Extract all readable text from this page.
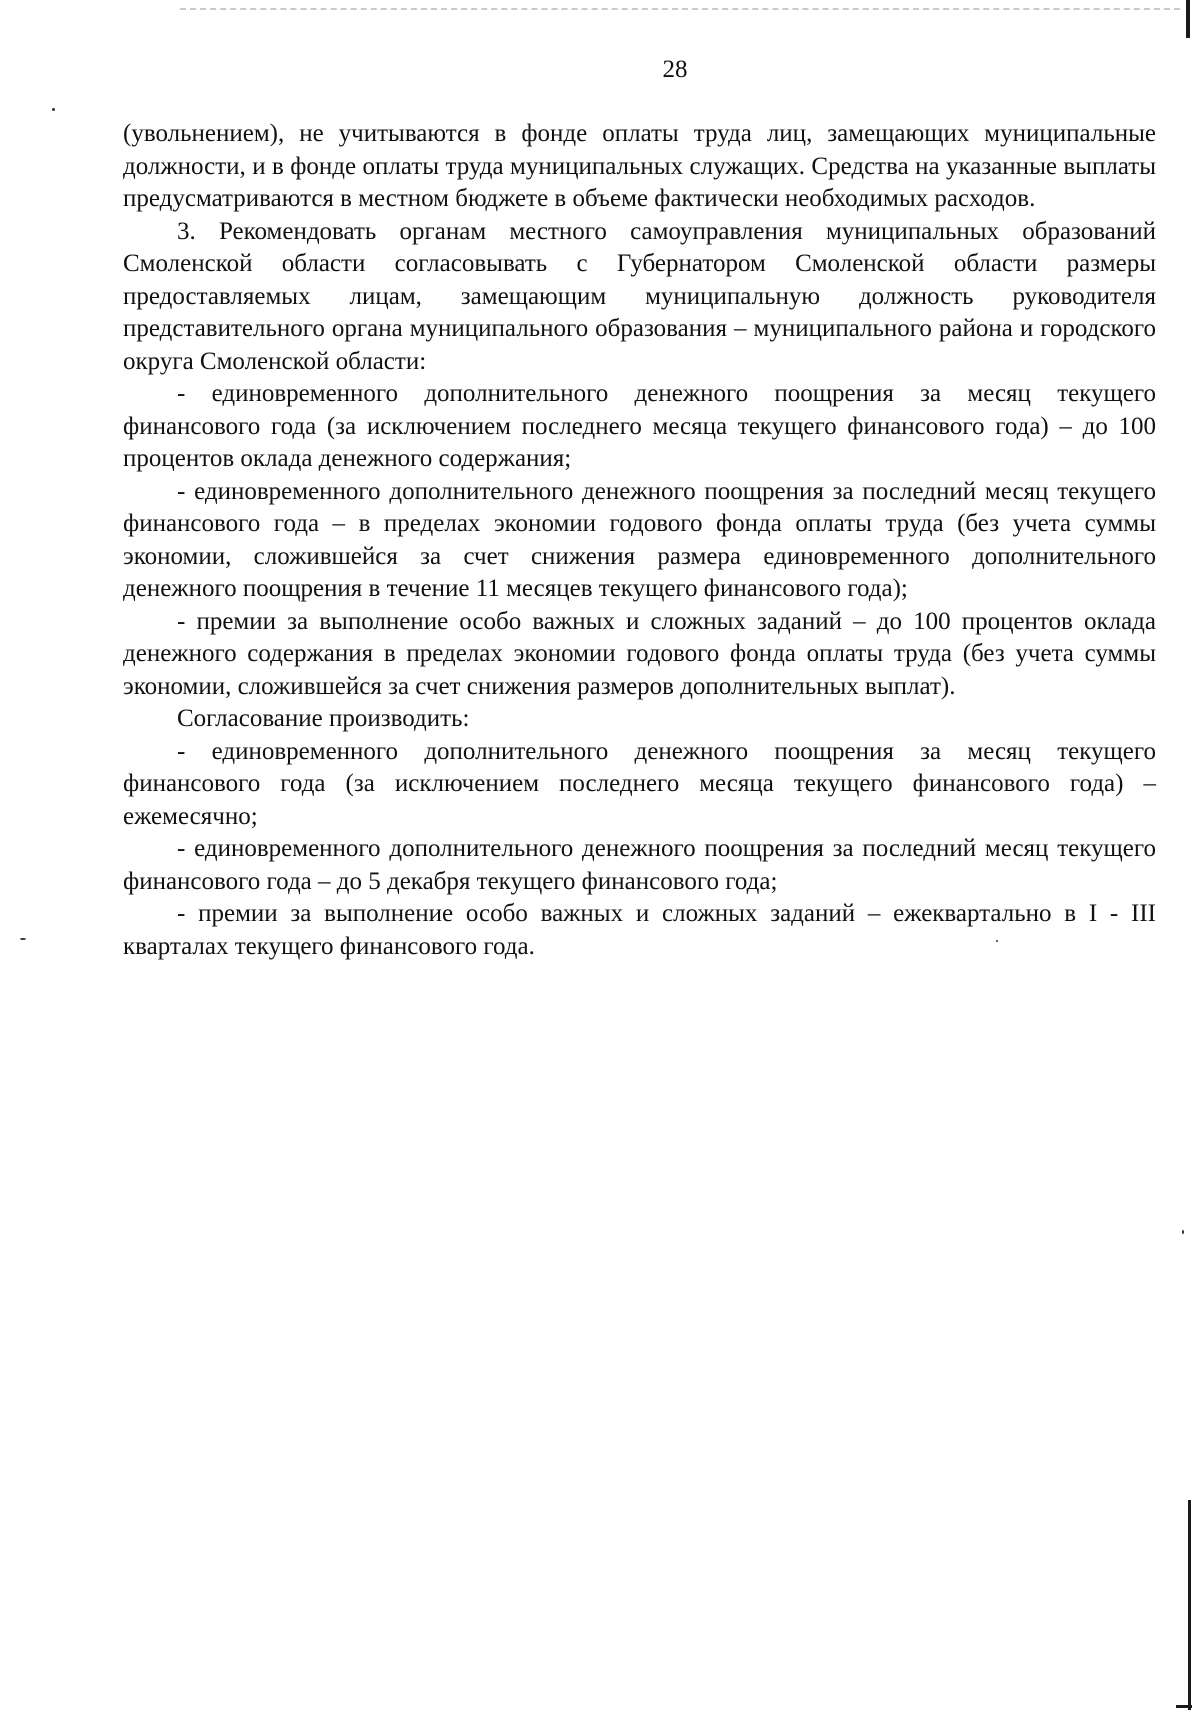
28

(увольнением), не учитываются в фонде оплаты труда лиц, замещающих муниципальные должности, и в фонде оплаты труда муниципальных служащих. Средства на указанные выплаты предусматриваются в местном бюджете в объеме фактически необходимых расходов.

3. Рекомендовать органам местного самоуправления муниципальных образований Смоленской области согласовывать с Губернатором Смоленской области размеры предоставляемых лицам, замещающим муниципальную должность руководителя представительного органа муниципального образования – муниципального района и городского округа Смоленской области:

- единовременного дополнительного денежного поощрения за месяц текущего финансового года (за исключением последнего месяца текущего финансового года) – до 100 процентов оклада денежного содержания;

- единовременного дополнительного денежного поощрения за последний месяц текущего финансового года – в пределах экономии годового фонда оплаты труда (без учета суммы экономии, сложившейся за счет снижения размера единовременного дополнительного денежного поощрения в течение 11 месяцев текущего финансового года);

- премии за выполнение особо важных и сложных заданий – до 100 процентов оклада денежного содержания в пределах экономии годового фонда оплаты труда (без учета суммы экономии, сложившейся за счет снижения размеров дополнительных выплат).

Согласование производить:

- единовременного дополнительного денежного поощрения за месяц текущего финансового года (за исключением последнего месяца текущего финансового года) – ежемесячно;

- единовременного дополнительного денежного поощрения за последний месяц текущего финансового года – до 5 декабря текущего финансового года;

- премии за выполнение особо важных и сложных заданий – ежеквартально в I - III кварталах текущего финансового года.
